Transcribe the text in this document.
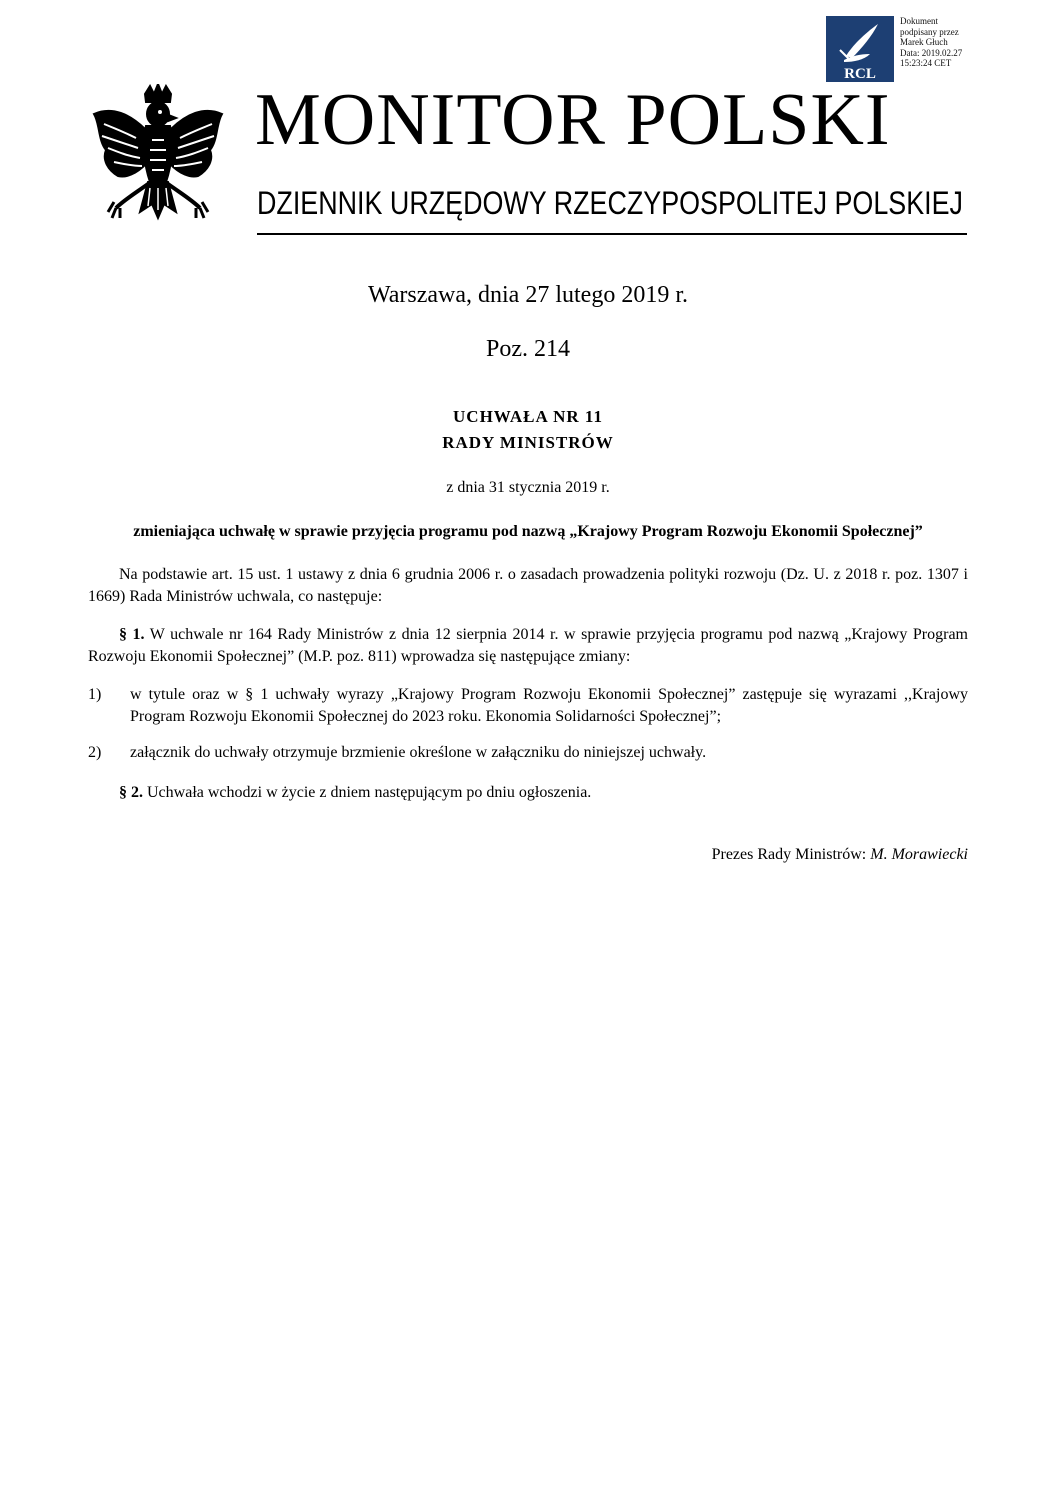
RCL
Dokument
podpisany przez
Marek Głuch
Data: 2019.02.27
15:23:24 CET
MONITOR POLSKI
DZIENNIK URZĘDOWY RZECZYPOSPOLITEJ POLSKIEJ
Warszawa, dnia 27 lutego 2019 r.
Poz. 214
UCHWAŁA NR 11
RADY MINISTRÓW
z dnia 31 stycznia 2019 r.
zmieniająca uchwałę w sprawie przyjęcia programu pod nazwą „Krajowy Program Rozwoju Ekonomii Społecznej”
Na podstawie art. 15 ust. 1 ustawy z dnia 6 grudnia 2006 r. o zasadach prowadzenia polityki rozwoju (Dz. U. z 2018 r. poz. 1307 i 1669) Rada Ministrów uchwala, co następuje:
§ 1. W uchwale nr 164 Rady Ministrów z dnia 12 sierpnia 2014 r. w sprawie przyjęcia programu pod nazwą „Krajowy Program Rozwoju Ekonomii Społecznej” (M.P. poz. 811) wprowadza się następujące zmiany:
1)	w tytule oraz w § 1 uchwały wyrazy „Krajowy Program Rozwoju Ekonomii Społecznej” zastępuje się wyrazami ,,Krajowy Program Rozwoju Ekonomii Społecznej do 2023 roku. Ekonomia Solidarności Społecznej”;
2)	załącznik do uchwały otrzymuje brzmienie określone w załączniku do niniejszej uchwały.
§ 2. Uchwała wchodzi w życie z dniem następującym po dniu ogłoszenia.
Prezes Rady Ministrów: M. Morawiecki
